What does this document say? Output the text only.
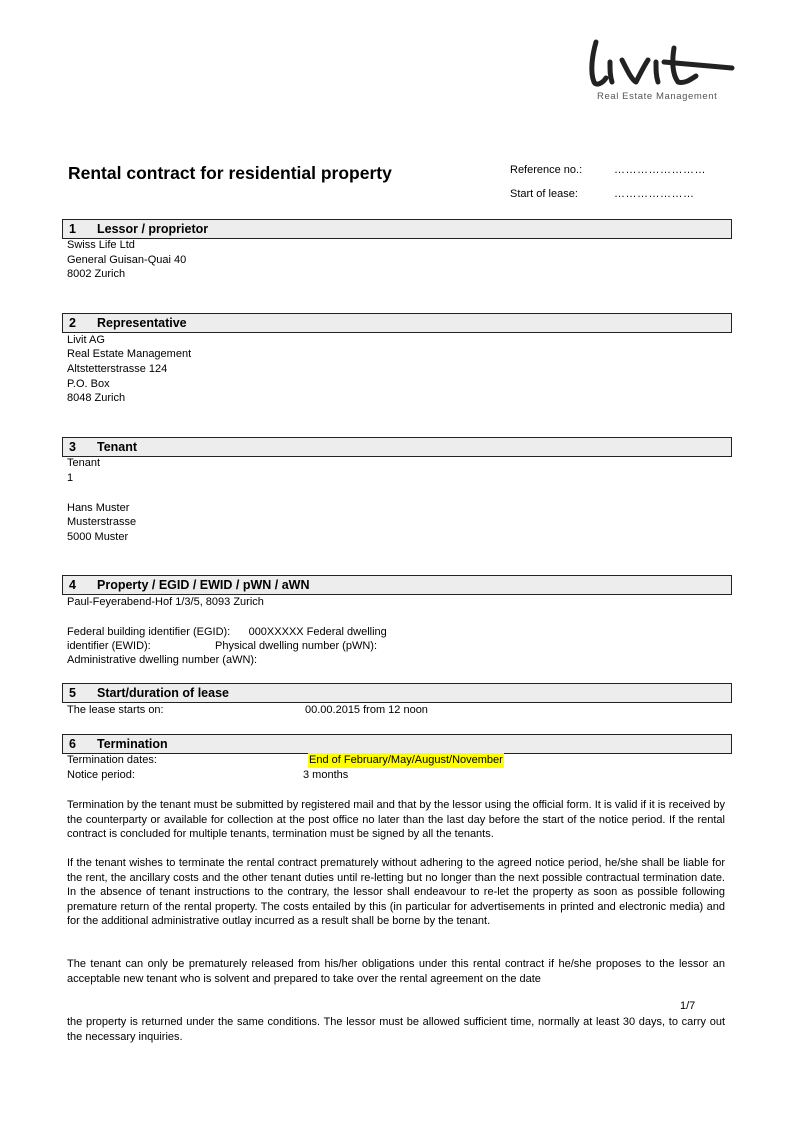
Real Estate Management
Rental contract for residential property	Reference no.:	……………………
Start of lease:	…………………
1 Lessor / proprietor
Swiss Life Ltd
General Guisan-Quai 40
8002 Zurich
2 Representative
Livit AG
Real Estate Management
Altstetterstrasse 124
P.O. Box
8048 Zurich
3 Tenant
Tenant
1
Hans Muster
Musterstrasse
5000 Muster
4 Property / EGID / EWID / pWN / aWN
Paul-Feyerabend-Hof 1/3/5, 8093 Zurich
Federal building identifier (EGID):      000XXXXX Federal dwelling
identifier (EWID):	Physical dwelling number (pWN):
Administrative dwelling number (aWN):
5 Start/duration of lease
The lease starts on:	00.00.2015 from 12 noon
6 Termination
Termination dates:	End of February/May/August/November
Notice period:	3 months
Termination by the tenant must be submitted by registered mail and that by the lessor using the official form. It is valid if it is received by the counterparty or available for collection at the post office no later than the last day before the start of the notice period. If the rental contract is concluded for multiple tenants, termination must be signed by all the tenants.
If the tenant wishes to terminate the rental contract prematurely without adhering to the agreed notice period, he/she shall be liable for the rent, the ancillary costs and the other tenant duties until re-letting but no longer than the next possible contractual termination date. In the absence of tenant instructions to the contrary, the lessor shall endeavour to re-let the property as soon as possible following premature return of the rental property. The costs entailed by this (in particular for advertisements in printed and electronic media) and for the additional administrative outlay incurred as a result shall be borne by the tenant.
The tenant can only be prematurely released from his/her obligations under this rental contract if he/she proposes to the lessor an acceptable new tenant who is solvent and prepared to take over the rental agreement on the date
1/7
the property is returned under the same conditions. The lessor must be allowed sufficient time, normally at least 30 days, to carry out the necessary inquiries.
